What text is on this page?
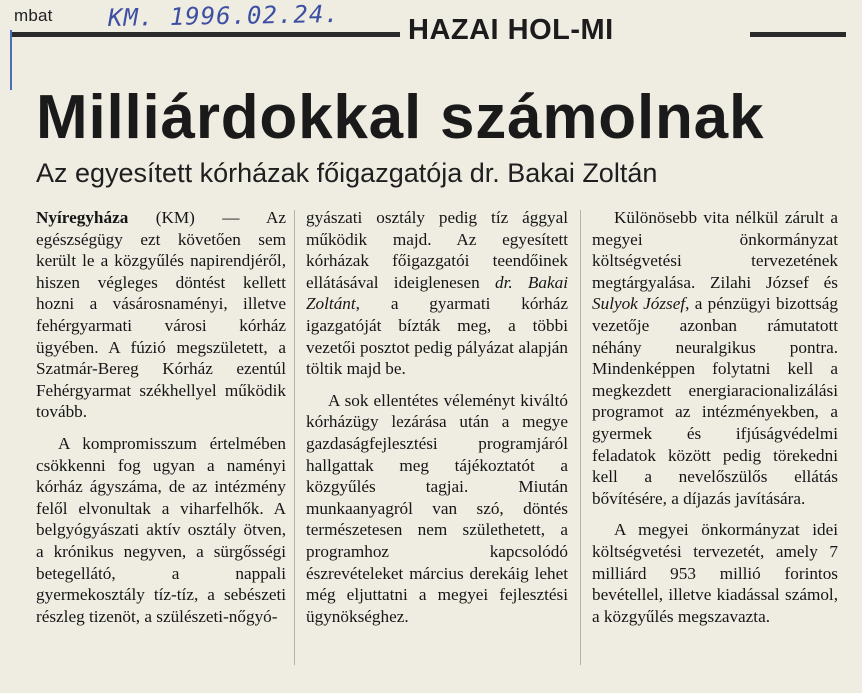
mbat KM. 1996.02.24. HAZAI HOL-MI
Milliárdokkal számolnak
Az egyesített kórházak főigazgatója dr. Bakai Zoltán

Nyíregyháza (KM) — Az egészségügy ezt követően sem került le a közgyűlés napirendjéről, hiszen végleges döntést kellett hozni a vásárosnaményi, illetve fehérgyarmati városi kórház ügyében. A fúzió megszületett, a Szatmár-Bereg Kórház ezentúl Fehérgyarmat székhellyel működik tovább.

A kompromisszum értelmében csökkenni fog ugyan a naményi kórház ágyszáma, de az intézmény felől elvonultak a viharfelhők. A belgyógyászati aktív osztály ötven, a krónikus negyven, a sürgősségi betegellátó, a nappali gyermekosztály tíz-tíz, a sebészeti részleg tizenöt, a szülészeti-nőgyó-

gyászati osztály pedig tíz ággyal működik majd. Az egyesített kórházak főigazgatói teendőinek ellátásával ideiglenesen dr. Bakai Zoltánt, a gyarmati kórház igazgatóját bízták meg, a többi vezetői posztot pedig pályázat alapján töltik majd be.

A sok ellentétes véleményt kiváltó kórházügy lezárása után a megye gazdaságfejlesztési programjáról hallgattak meg tájékoztatót a közgyűlés tagjai. Miután munkaanyagról van szó, döntés természetesen nem születhetett, a programhoz kapcsolódó észrevételeket március derekáig lehet még eljuttatni a megyei fejlesztési ügynökséghez.

Különösebb vita nélkül zárult a megyei önkormányzat költségvetési tervezetének megtárgyalása. Zilahi József és Sulyok József, a pénzügyi bizottság vezetője azonban rámutatott néhány neuralgikus pontra. Mindenképpen folytatni kell a megkezdett energiaracionalizálási programot az intézményekben, a gyermek és ifjúságvédelmi feladatok között pedig törekedni kell a nevelőszülős ellátás bővítésére, a díjazás javítására.

A megyei önkormányzat idei költségvetési tervezetét, amely 7 milliárd 953 millió forintos bevétellel, illetve kiadással számol, a közgyűlés megszavazta.
